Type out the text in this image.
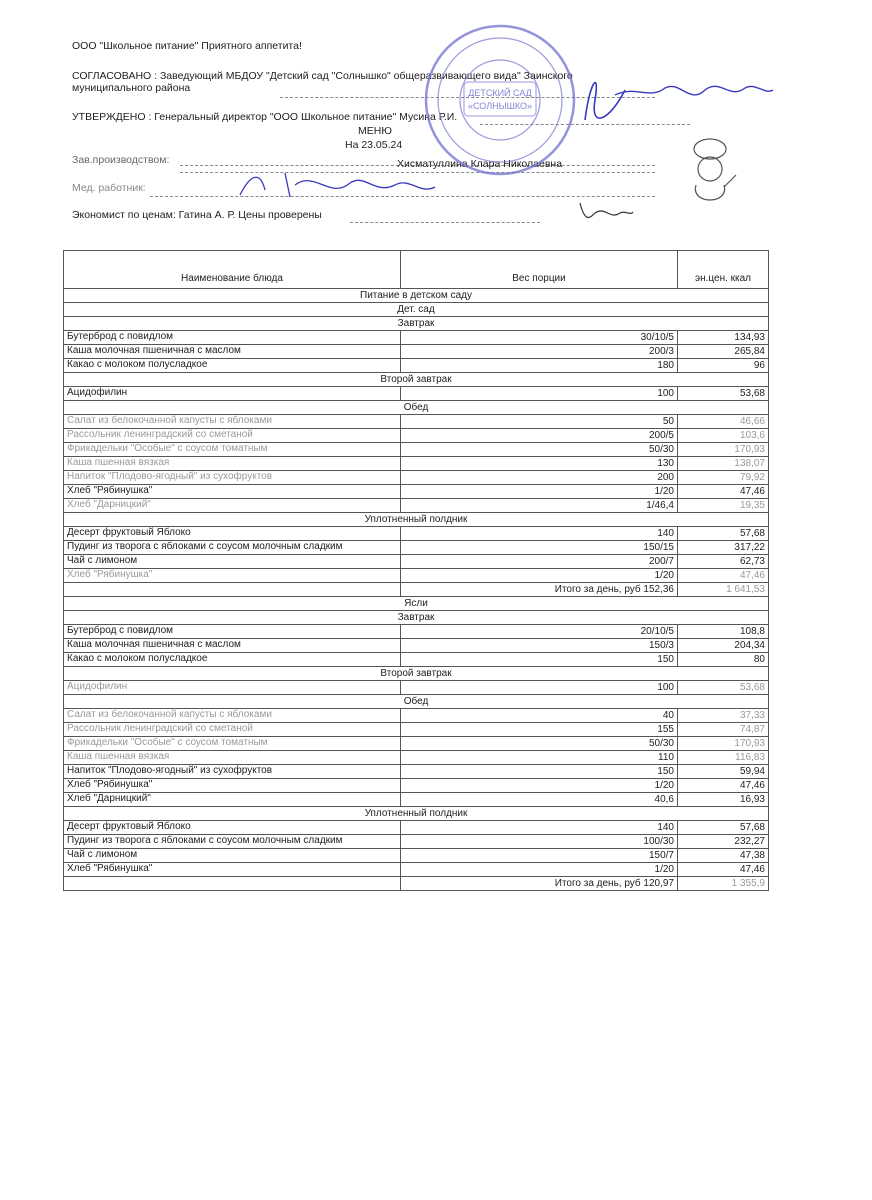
ООО "Школьное питание" Приятного аппетита!
СОГЛАСОВАНО : Заведующий МБДОУ "Детский сад "Солнышко" общеразвивающего вида" Заинского
муниципального района
УТВЕРЖДЕНО : Генеральный директор "ООО Школьное питание" Мусина Р.И.
МЕНЮ
На 23.05.24
Зав.производством:	Хисматуллина Клара Николаевна
Мед. работник:
Экономист по ценам: Гатина А. Р. Цены проверены
ДЕТСКИЙ САД
«СОЛНЫШКО»
Наименование блюда	Вес порции	эн.цен. ккал
Питание в детском саду		
Дет. сад		
Завтрак		
Бутерброд с повидлом	30/10/5	134,93
Каша молочная пшеничная с маслом	200/3	265,84
Какао с молоком полусладкое	180	96
Второй завтрак		
Ацидофилин	100	53,68
Обед		
Салат из белокочанной капусты с яблоками	50	46,66
Рассольник ленинградский со сметаной	200/5	103,6
Фрикадельки "Особые" с соусом томатным	50/30	170,93
Каша пшенная вязкая	130	138,07
Напиток "Плодово-ягодный" из сухофруктов	200	79,92
Хлеб "Рябинушка"	1/20	47,46
Хлеб "Дарницкий"	1/46,4	19,35
Уплотненный полдник		
Десерт фруктовый Яблоко	140	57,68
Пудинг из творога с яблоками с соусом молочным сладким	150/15	317,22
Чай с лимоном	200/7	62,73
Хлеб "Рябинушка"	1/20	47,46
	Итого за день, руб 152,36	1 641,53
Ясли		
Завтрак		
Бутерброд с повидлом	20/10/5	108,8
Каша молочная пшеничная с маслом	150/3	204,34
Какао с молоком полусладкое	150	80
Второй завтрак		
Ацидофилин	100	53,68
Обед		
Салат из белокочанной капусты с яблоками	40	37,33
Рассольник ленинградский со сметаной	155	74,87
Фрикадельки "Особые" с соусом томатным	50/30	170,93
Каша пшенная вязкая	110	116,83
Напиток "Плодово-ягодный" из сухофруктов	150	59,94
Хлеб "Рябинушка"	1/20	47,46
Хлеб "Дарницкий"	40,6	16,93
Уплотненный полдник		
Десерт фруктовый Яблоко	140	57,68
Пудинг из творога с яблоками с соусом молочным сладким	100/30	232,27
Чай с лимоном	150/7	47,38
Хлеб "Рябинушка"	1/20	47,46
	Итого за день, руб 120,97	1 355,9
